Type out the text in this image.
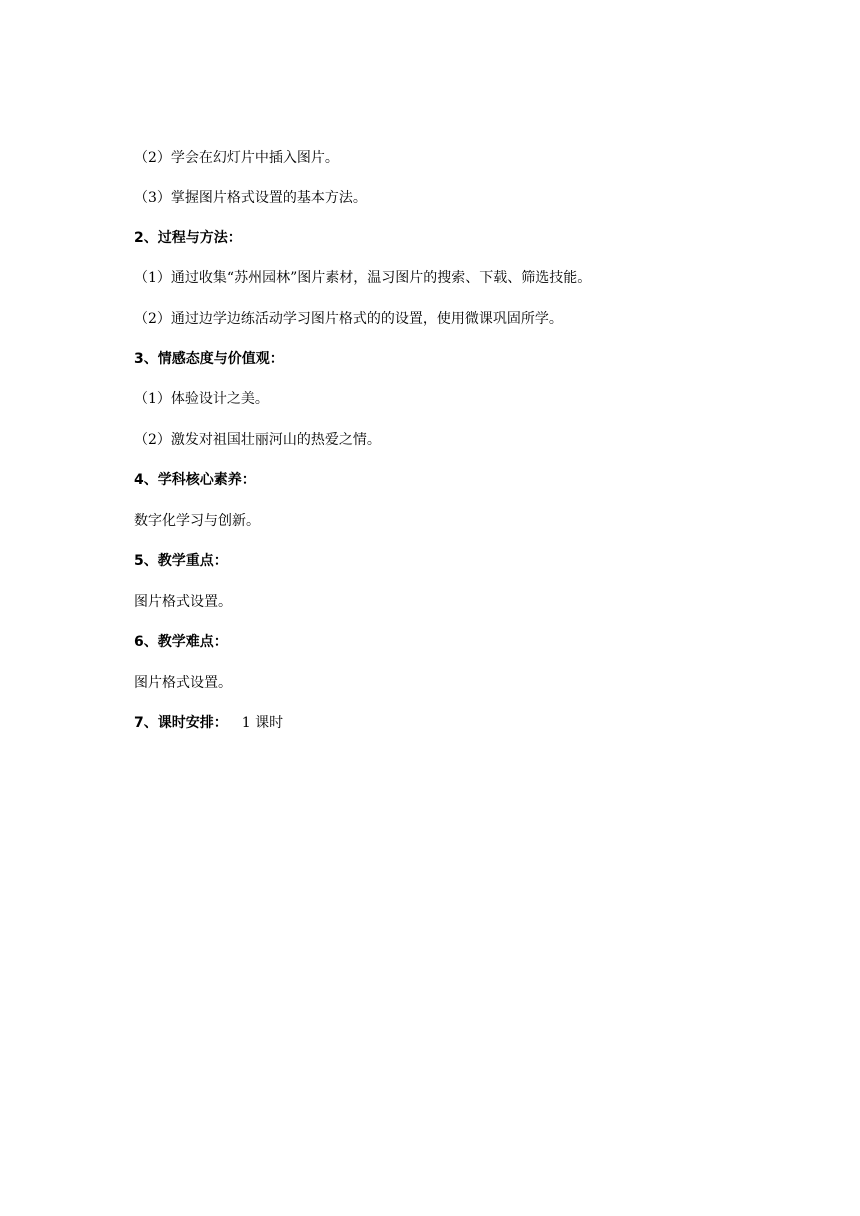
（2）学会在幻灯片中插入图片。
（3）掌握图片格式设置的基本方法。
2、过程与方法：
（1）通过收集“苏州园林”图片素材，温习图片的搜索、下载、筛选技能。
（2）通过边学边练活动学习图片格式的的设置，使用微课巩固所学。
3、情感态度与价值观：
（1）体验设计之美。
（2）激发对祖国壮丽河山的热爱之情。
4、学科核心素养：
数字化学习与创新。
5、教学重点：
图片格式设置。
6、教学难点：
图片格式设置。
7、课时安排： 1 课时
